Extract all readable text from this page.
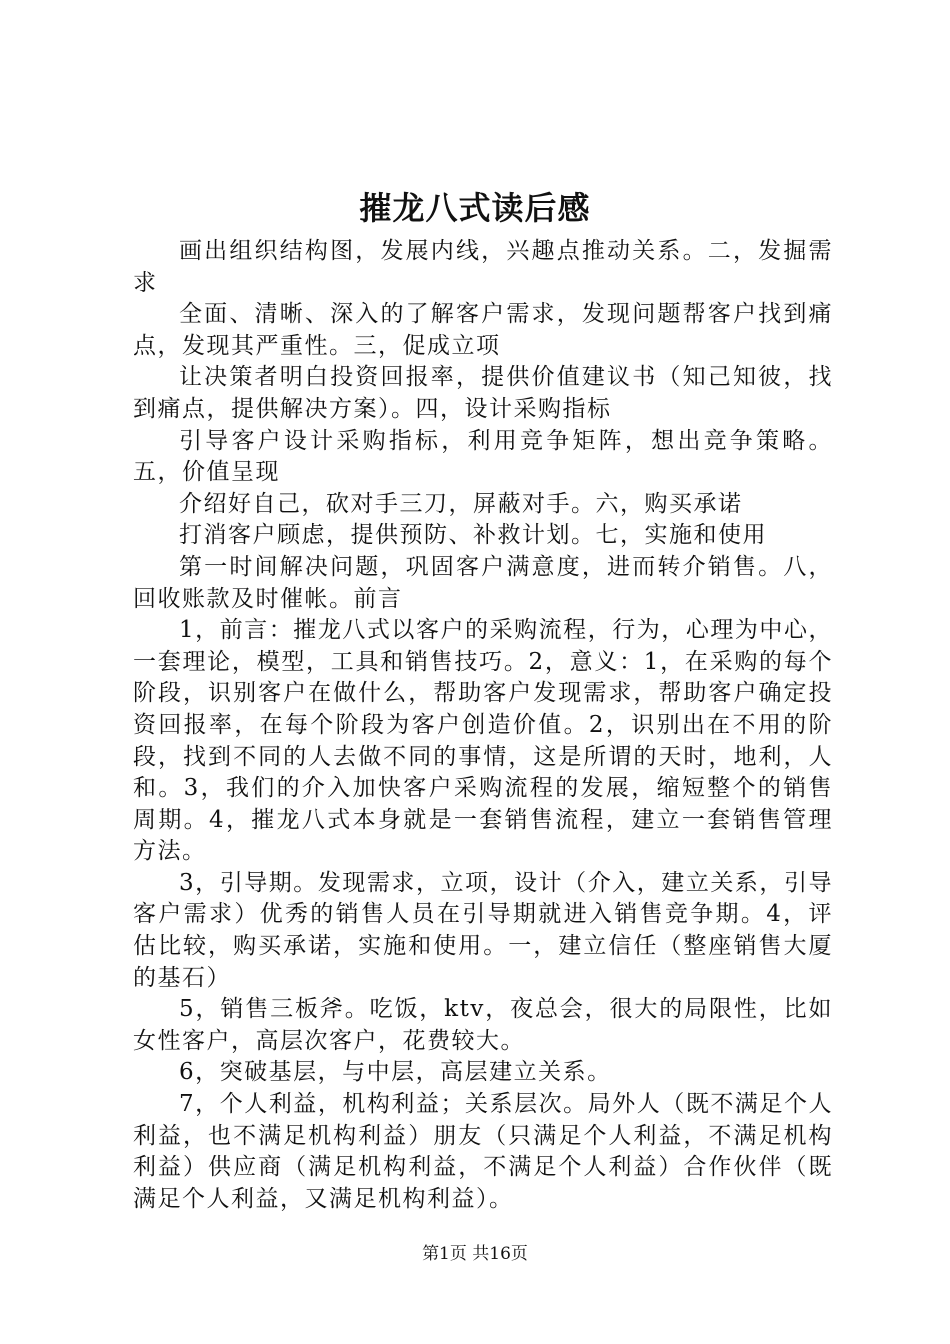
摧龙八式读后感

画出组织结构图，发展内线，兴趣点推动关系。二，发掘需求

全面、清晰、深入的了解客户需求，发现问题帮客户找到痛点，发现其严重性。三，促成立项

让决策者明白投资回报率，提供价值建议书（知己知彼，找到痛点，提供解决方案）。四，设计采购指标

引导客户设计采购指标，利用竞争矩阵，想出竞争策略。五，价值呈现

介绍好自己，砍对手三刀，屏蔽对手。六，购买承诺

打消客户顾虑，提供预防、补救计划。七，实施和使用

第一时间解决问题，巩固客户满意度，进而转介销售。八，回收账款及时催帐。前言

1，前言：摧龙八式以客户的采购流程，行为，心理为中心，一套理论，模型，工具和销售技巧。2，意义：1，在采购的每个阶段，识别客户在做什么，帮助客户发现需求，帮助客户确定投资回报率，在每个阶段为客户创造价值。2，识别出在不用的阶段，找到不同的人去做不同的事情，这是所谓的天时，地利，人和。3，我们的介入加快客户采购流程的发展，缩短整个的销售周期。4，摧龙八式本身就是一套销售流程，建立一套销售管理方法。

3，引导期。发现需求，立项，设计（介入，建立关系，引导客户需求）优秀的销售人员在引导期就进入销售竞争期。4，评估比较，购买承诺，实施和使用。一，建立信任（整座销售大厦的基石）

5，销售三板斧。吃饭，ktv，夜总会，很大的局限性，比如女性客户，高层次客户，花费较大。

6，突破基层，与中层，高层建立关系。

7，个人利益，机构利益；关系层次。局外人（既不满足个人利益，也不满足机构利益）朋友（只满足个人利益，不满足机构利益）供应商（满足机构利益，不满足个人利益）合作伙伴（既满足个人利益，又满足机构利益）。

第1页 共16页
